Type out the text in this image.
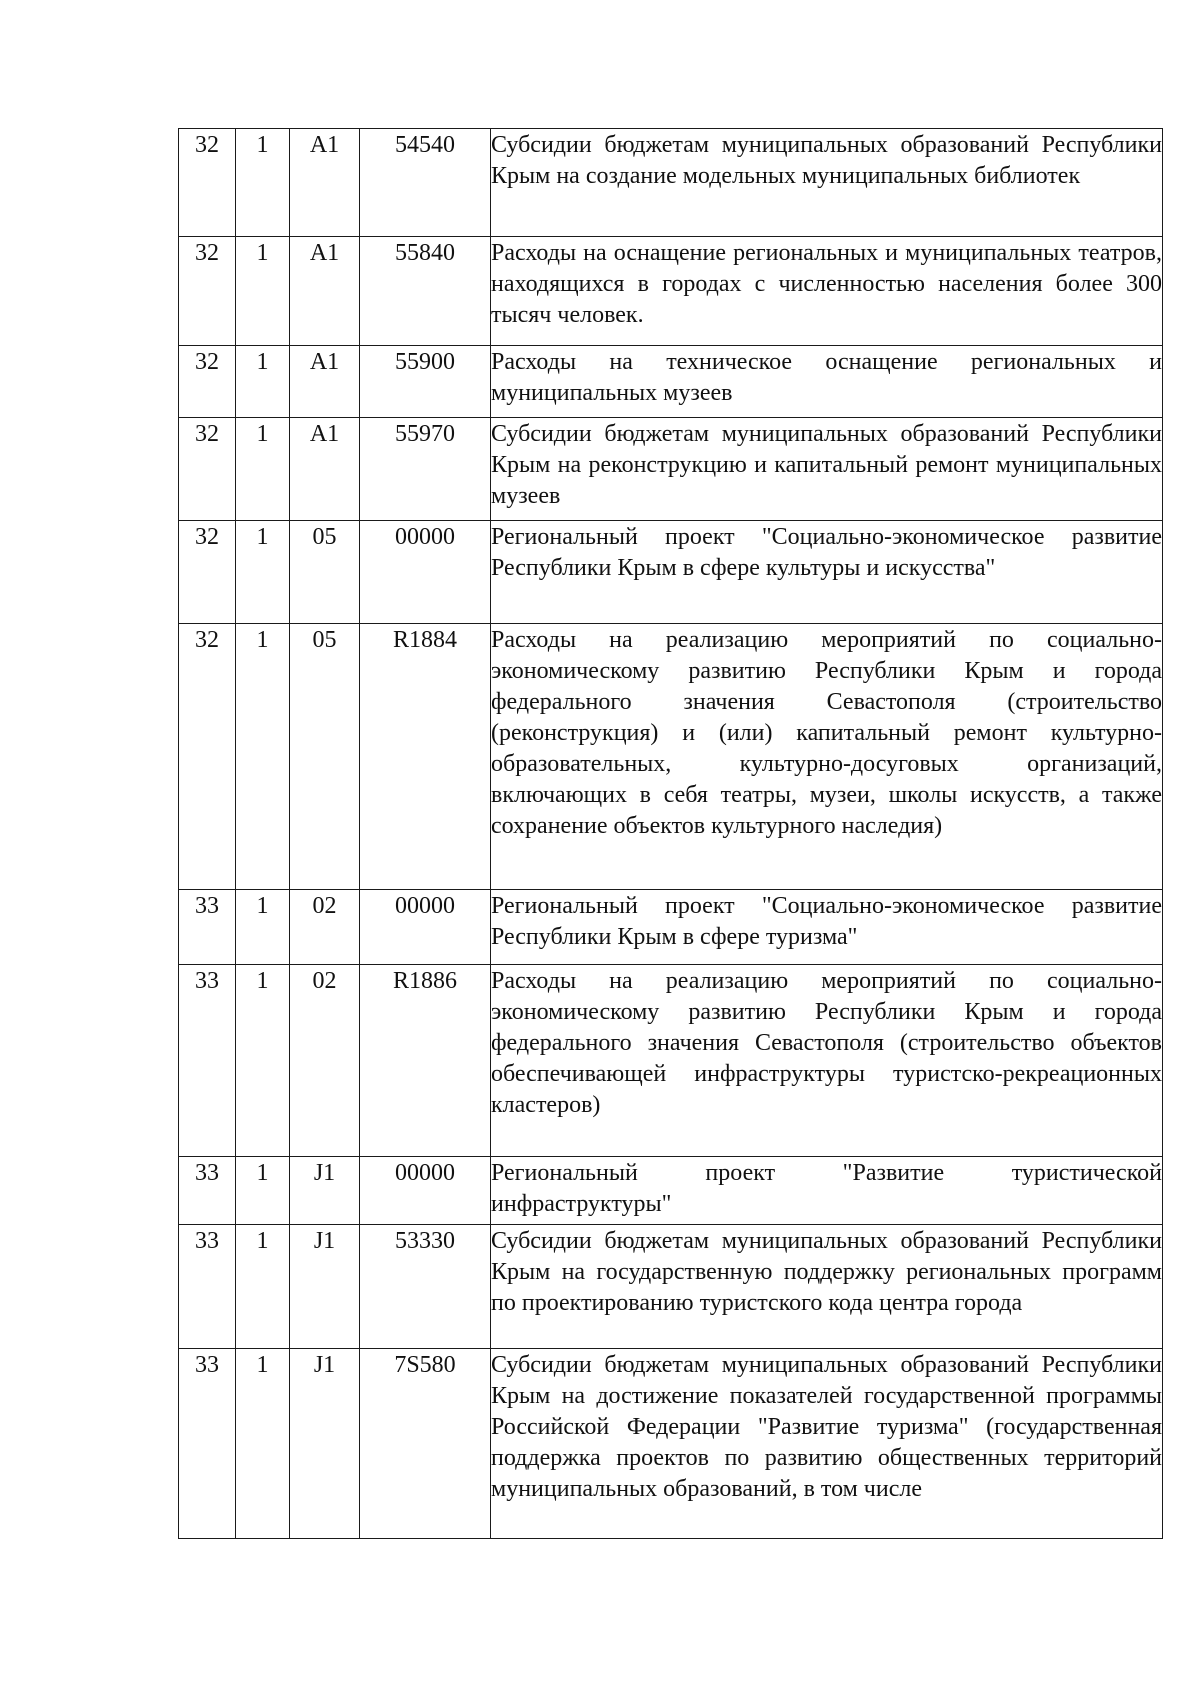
32	1	А1	54540	Субсидии бюджетам муниципальных образований Республики Крым на создание модельных муниципальных библиотек
32	1	А1	55840	Расходы на оснащение региональных и муниципальных театров, находящихся в городах с численностью населения более 300 тысяч человек.
32	1	А1	55900	Расходы на техническое оснащение региональных и муниципальных музеев
32	1	А1	55970	Субсидии бюджетам муниципальных образований Республики Крым на реконструкцию и капитальный ремонт муниципальных музеев
32	1	05	00000	Региональный проект "Социально-экономическое развитие Республики Крым в сфере культуры и искусства"
32	1	05	R1884	Расходы на реализацию мероприятий по социально-экономическому развитию Республики Крым и города федерального значения Севастополя (строительство (реконструкция) и (или) капитальный ремонт культурно-образовательных, культурно-досуговых организаций, включающих в себя театры, музеи, школы искусств, а также сохранение объектов культурного наследия)
33	1	02	00000	Региональный проект "Социально-экономическое развитие Республики Крым в сфере туризма"
33	1	02	R1886	Расходы на реализацию мероприятий по социально-экономическому развитию Республики Крым и города федерального значения Севастополя (строительство объектов обеспечивающей инфраструктуры туристско-рекреационных кластеров)
33	1	J1	00000	Региональный проект "Развитие туристической инфраструктуры"
33	1	J1	53330	Субсидии бюджетам муниципальных образований Республики Крым на государственную поддержку региональных программ по проектированию туристского кода центра города
33	1	J1	7S580	Субсидии бюджетам муниципальных образований Республики Крым на достижение показателей государственной программы Российской Федерации "Развитие туризма" (государственная поддержка проектов по развитию общественных территорий муниципальных образований, в том числе
